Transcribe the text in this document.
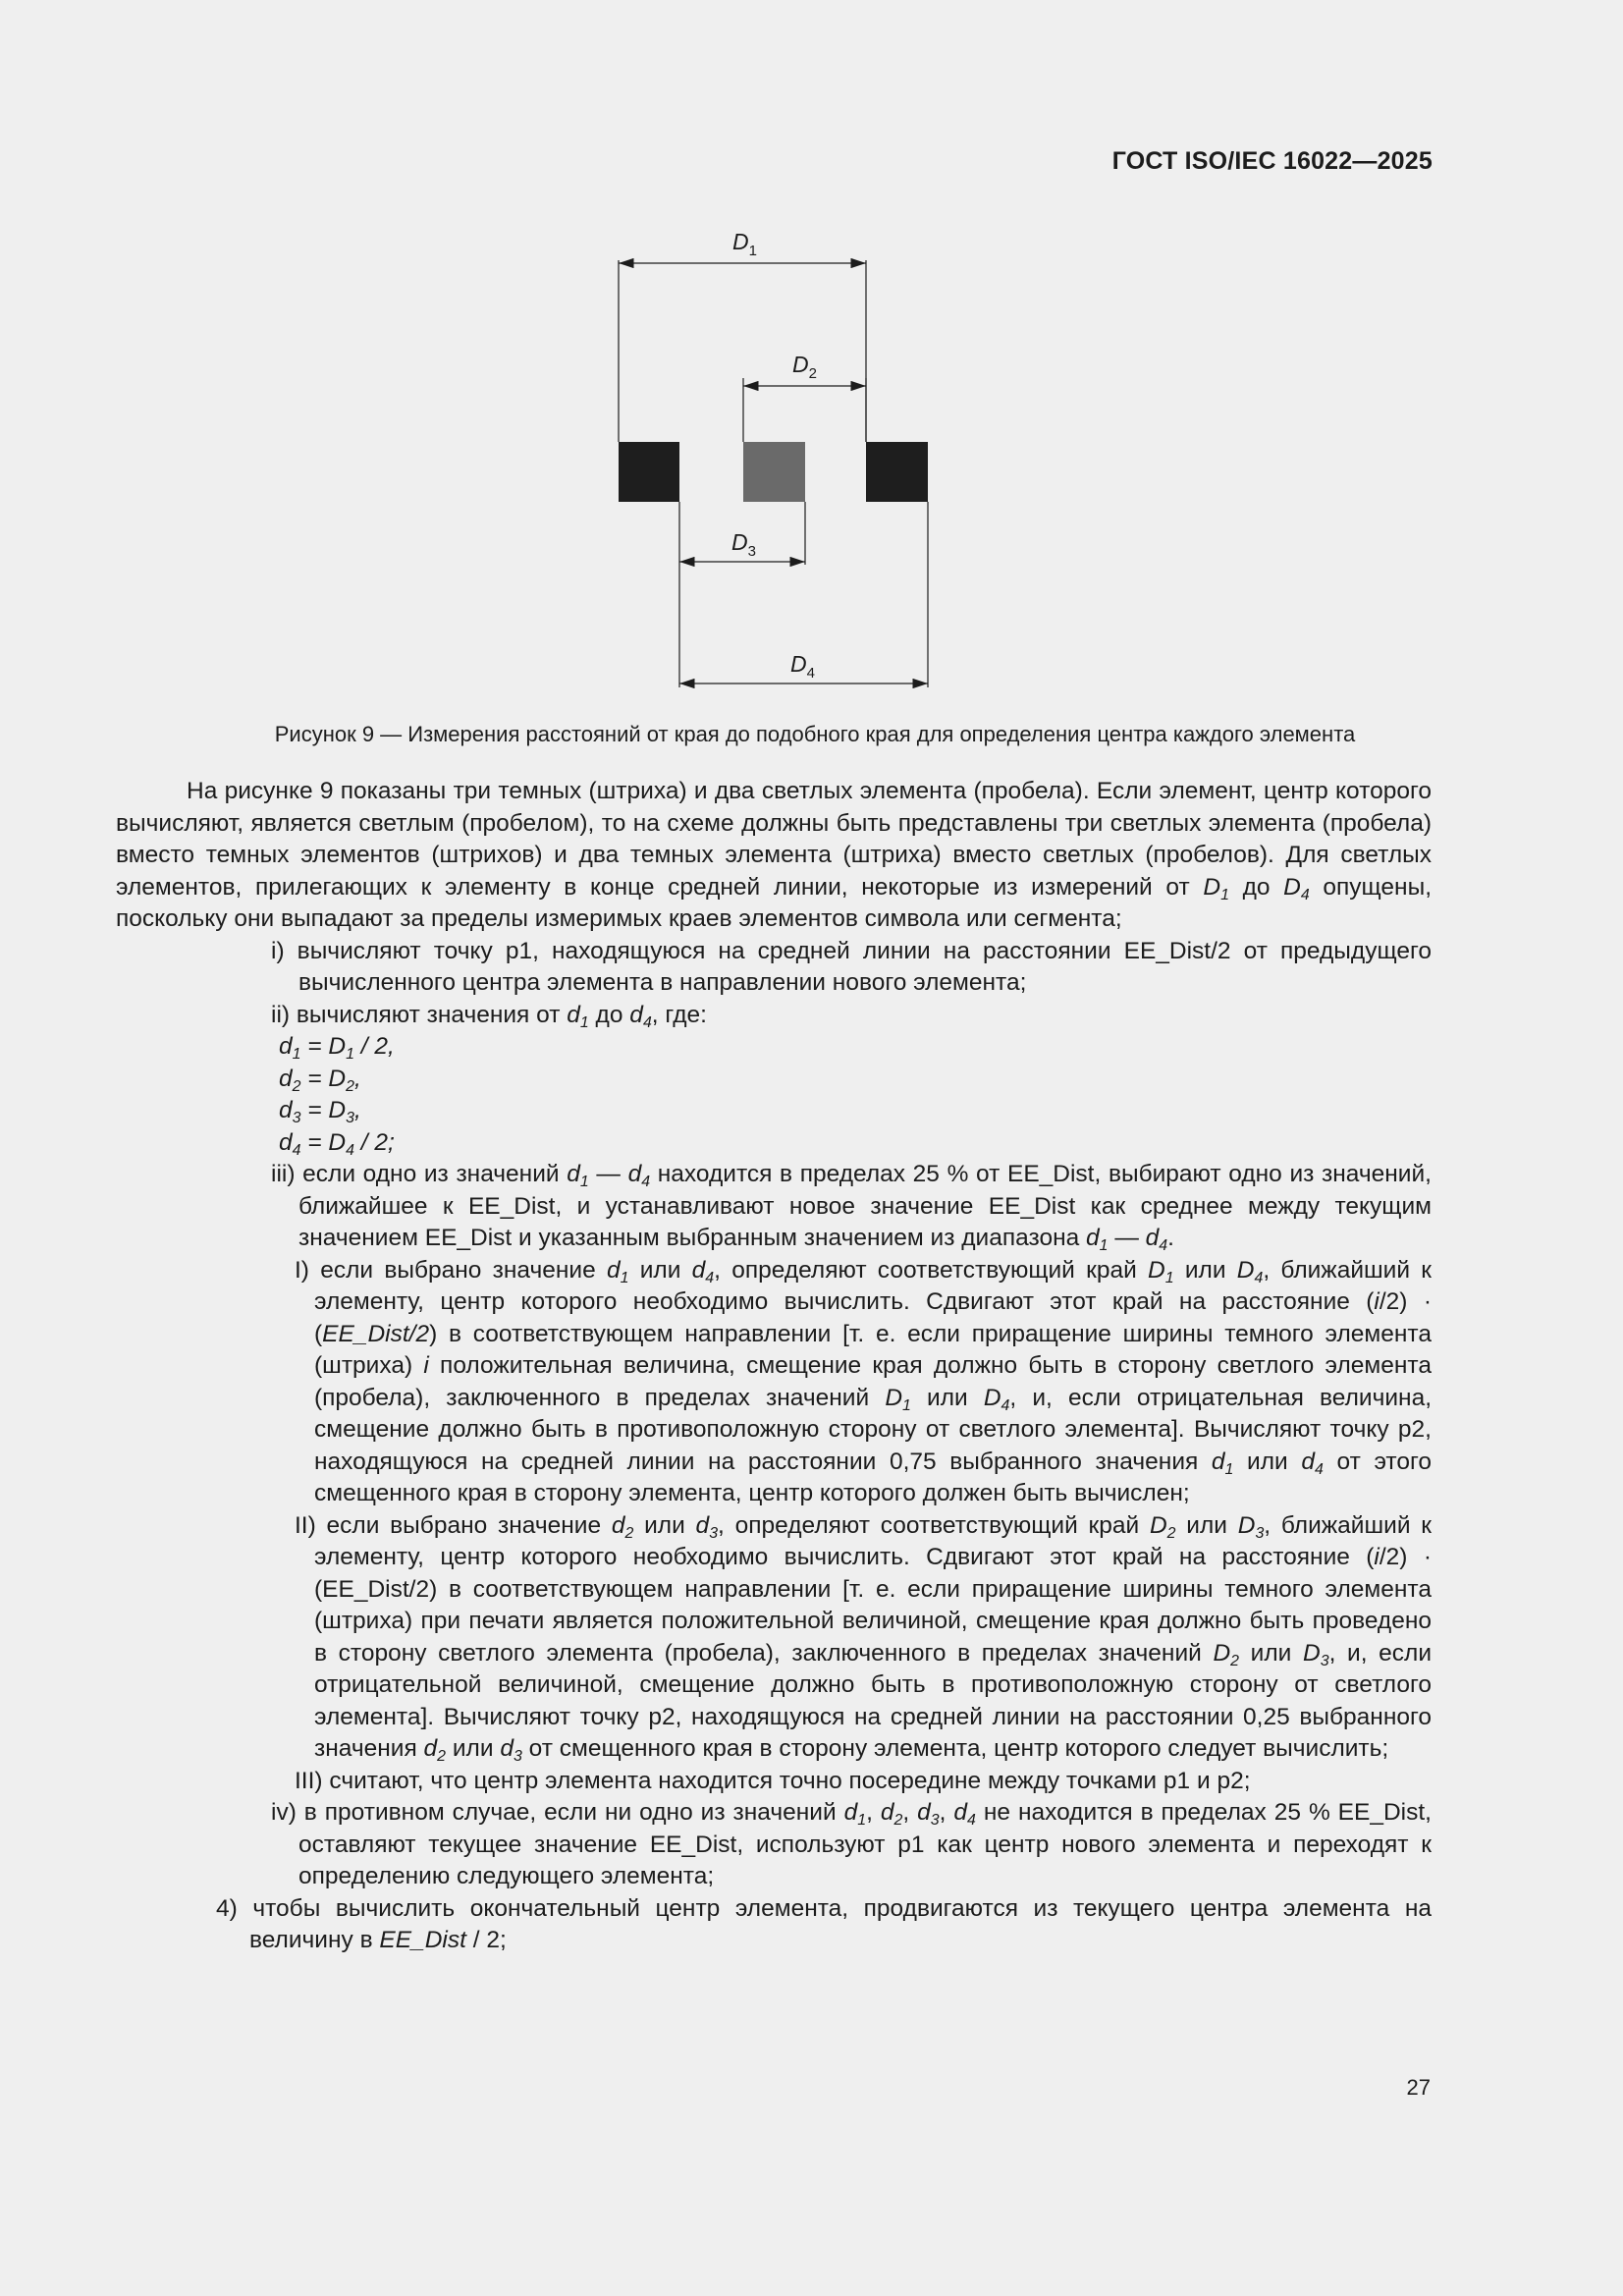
ГОСТ ISO/IEC 16022—2025
$D_1$
$D_2$
$D_3$
$D_4$
Рисунок 9 — Измерения расстояний от края до подобного края для определения центра каждого элемента

На рисунке 9 показаны три темных (штриха) и два светлых элемента (пробела). Если элемент, центр которого вычисляют, является светлым (пробелом), то на схеме должны быть представлены три светлых элемента (пробела) вместо темных элементов (штрихов) и два темных элемента (штриха) вместо светлых (пробелов). Для светлых элементов, прилегающих к элементу в конце средней линии, некоторые из измерений от $D_1$ до $D_4$ опущены, поскольку они выпадают за пределы измеримых краев элементов символа или сегмента;

i) вычисляют точку p1, находящуюся на средней линии на расстоянии EE_Dist/2 от предыдущего вычисленного центра элемента в направлении нового элемента;

ii) вычисляют значения от $d_1$ до $d_4$, где:

$d_1 = D_1 / 2$,

$d_2 = D_2$,

$d_3 = D_3$,

$d_4 = D_4 / 2$;

iii) если одно из значений $d_1$ — $d_4$ находится в пределах 25 % от EE_Dist, выбирают одно из значений, ближайшее к EE_Dist, и устанавливают новое значение EE_Dist как среднее между текущим значением EE_Dist и указанным выбранным значением из диапазона $d_1$ — $d_4$.

I) если выбрано значение $d_1$ или $d_4$, определяют соответствующий край $D_1$ или $D_4$, ближайший к элементу, центр которого необходимо вычислить. Сдвигают этот край на расстояние (i/2) · (EE_Dist/2) в соответствующем направлении [т. е. если приращение ширины темного элемента (штриха) i положительная величина, смещение края должно быть в сторону светлого элемента (пробела), заключенного в пределах значений $D_1$ или $D_4$, и, если отрицательная величина, смещение должно быть в противоположную сторону от светлого элемента]. Вычисляют точку p2, находящуюся на средней линии на расстоянии 0,75 выбранного значения $d_1$ или $d_4$ от этого смещенного края в сторону элемента, центр которого должен быть вычислен;

II) если выбрано значение $d_2$ или $d_3$, определяют соответствующий край $D_2$ или $D_3$, ближайший к элементу, центр которого необходимо вычислить. Сдвигают этот край на расстояние (i/2) · (EE_Dist/2) в соответствующем направлении [т. е. если приращение ширины темного элемента (штриха) при печати является положительной величиной, смещение края должно быть проведено в сторону светлого элемента (пробела), заключенного в пределах значений $D_2$ или $D_3$, и, если отрицательной величиной, смещение должно быть в противоположную сторону от светлого элемента]. Вычисляют точку p2, находящуюся на средней линии на расстоянии 0,25 выбранного значения $d_2$ или $d_3$ от смещенного края в сторону элемента, центр которого следует вычислить;

III) считают, что центр элемента находится точно посередине между точками p1 и p2;

iv) в противном случае, если ни одно из значений $d_1$, $d_2$, $d_3$, $d_4$ не находится в пределах 25 % EE_Dist, оставляют текущее значение EE_Dist, используют p1 как центр нового элемента и переходят к определению следующего элемента;

4) чтобы вычислить окончательный центр элемента, продвигаются из текущего центра элемента на величину в EE_Dist / 2;

27
